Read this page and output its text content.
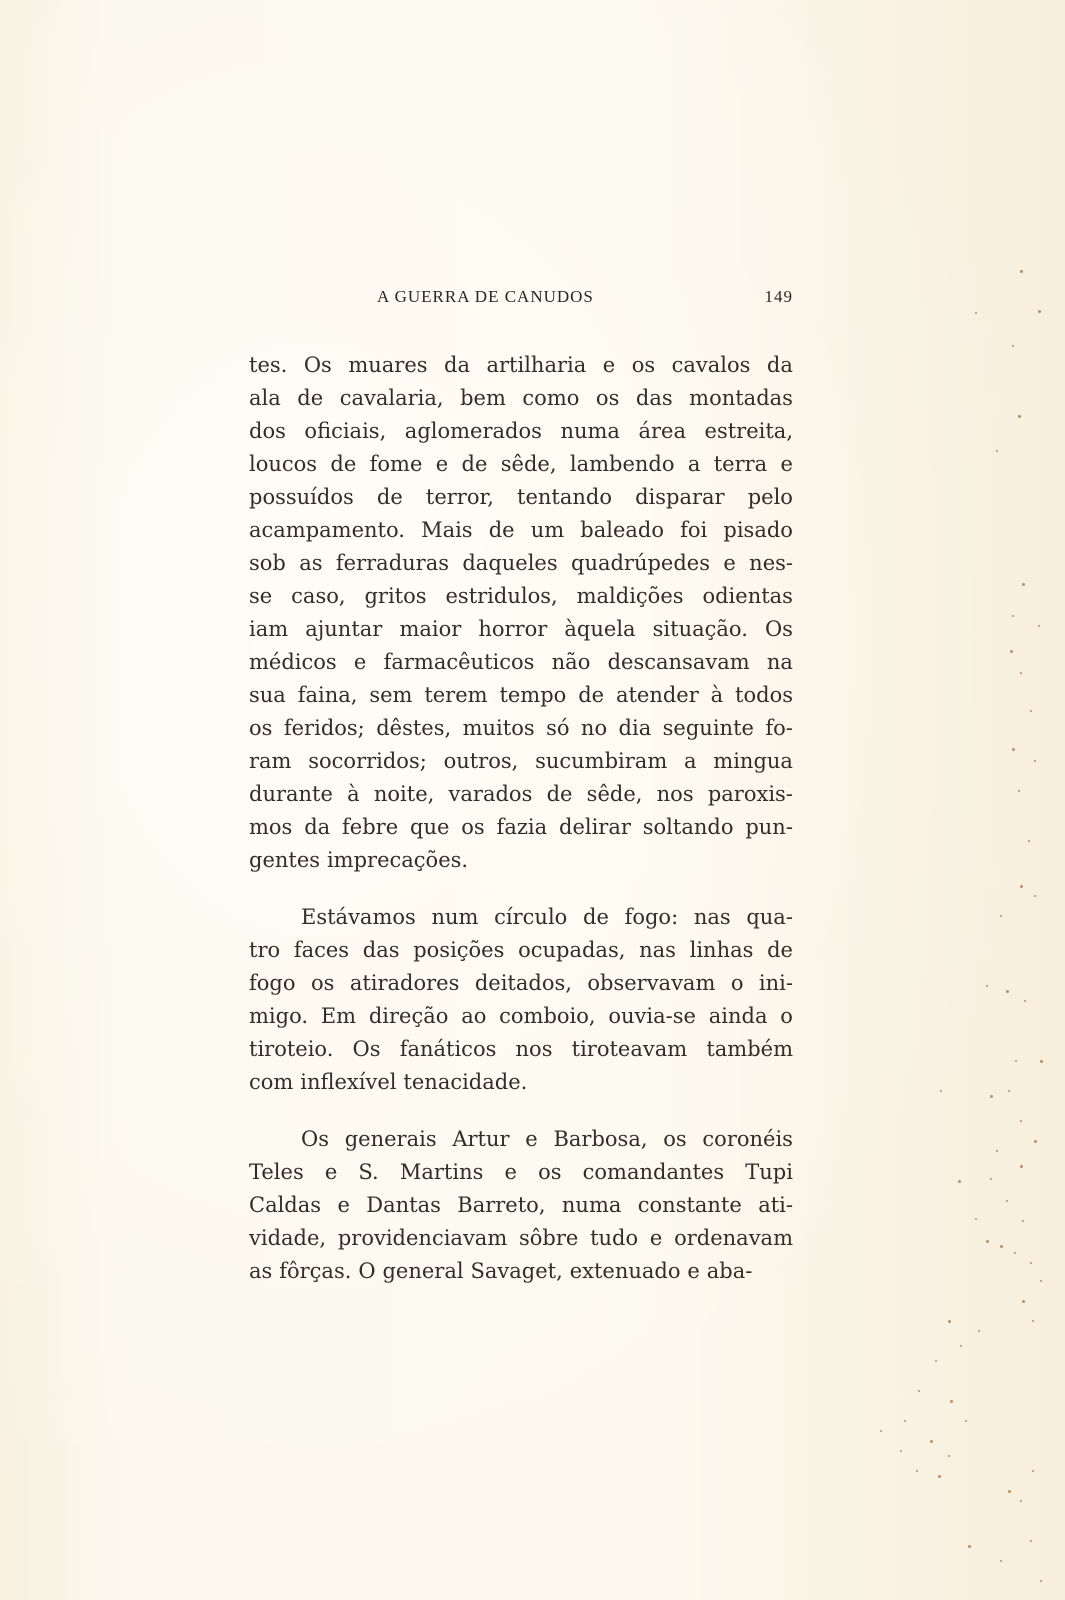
A GUERRA DE CANUDOS	149
tes. Os muares da artilharia e os cavalos da
ala de cavalaria, bem como os das montadas
dos oficiais, aglomerados numa área estreita,
loucos de fome e de sêde, lambendo a terra e
possuídos de terror, tentando disparar pelo
acampamento. Mais de um baleado foi pisado
sob as ferraduras daqueles quadrúpedes e nes-
se caso, gritos estridulos, maldições odientas
iam ajuntar maior horror àquela situação. Os
médicos e farmacêuticos não descansavam na
sua faina, sem terem tempo de atender à todos
os feridos; dêstes, muitos só no dia seguinte fo-
ram socorridos; outros, sucumbiram a mingua
durante à noite, varados de sêde, nos paroxis-
mos da febre que os fazia delirar soltando pun-
gentes imprecações.
Estávamos num círculo de fogo: nas qua-
tro faces das posições ocupadas, nas linhas de
fogo os atiradores deitados, observavam o ini-
migo. Em direção ao comboio, ouvia-se ainda o
tiroteio. Os fanáticos nos tiroteavam também
com inflexível tenacidade.
Os generais Artur e Barbosa, os coronéis
Teles e S. Martins e os comandantes Tupi
Caldas e Dantas Barreto, numa constante ati-
vidade, providenciavam sôbre tudo e ordenavam
as fôrças. O general Savaget, extenuado e aba-
